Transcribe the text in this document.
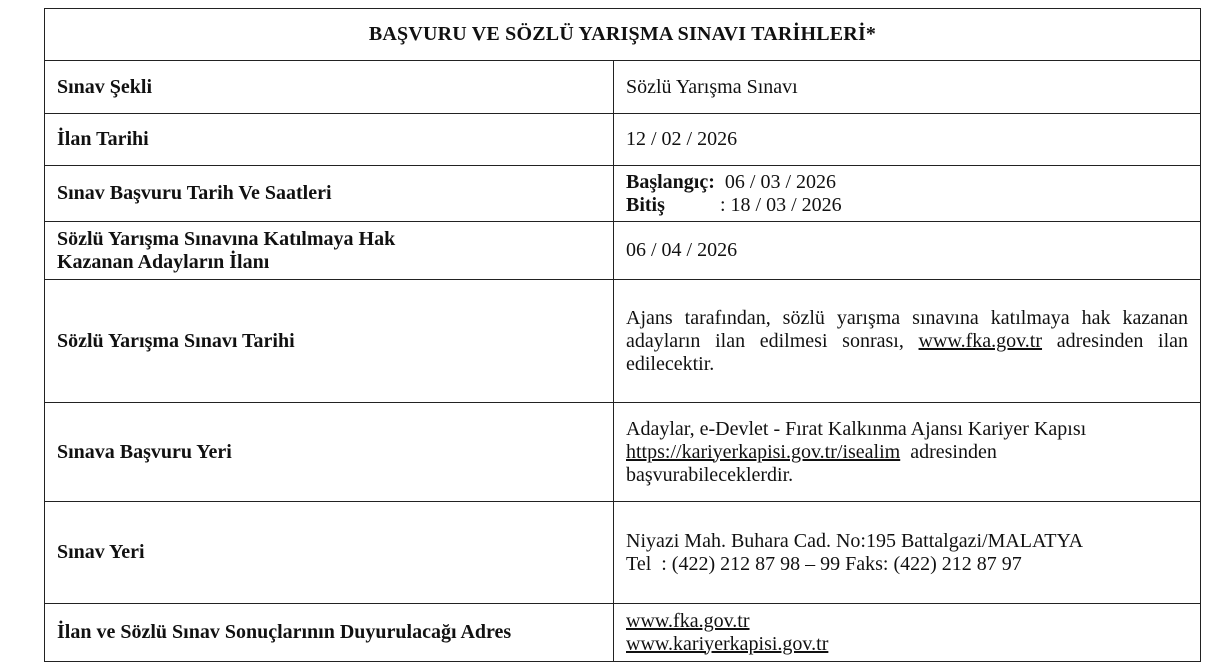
BAŞVURU VE SÖZLÜ YARIŞMA SINAVI TARİHLERİ*	
Sınav Şekli	Sözlü Yarışma Sınavı
İlan Tarihi	12 / 02 / 2026
Sınav Başvuru Tarih Ve Saatleri	Başlangıç: 06 / 03 / 2026
Bitiş : 18 / 03 / 2026

Sözlü Yarışma Sınavına Katılmaya Hak
Kazanan Adayların İlanı	06 / 04 / 2026
Sözlü Yarışma Sınavı Tarihi	Ajans tarafından, sözlü yarışma sınavına katılmaya hak kazanan adayların ilan edilmesi sonrası, www.fka.gov.tr adresinden ilan edilecektir.
Sınava Başvuru Yeri	Adaylar, e-Devlet - Fırat Kalkınma Ajansı Kariyer Kapısı
https://kariyerkapisi.gov.tr/isealim adresinden
başvurabileceklerdir.

Sınav Yeri	Niyazi Mah. Buhara Cad. No:195 Battalgazi/MALATYA
Tel  : (422) 212 87 98 – 99 Faks: (422) 212 87 97

İlan ve Sözlü Sınav Sonuçlarının Duyurulacağı Adres	www.fka.gov.tr
www.kariyerkapisi.gov.tr
